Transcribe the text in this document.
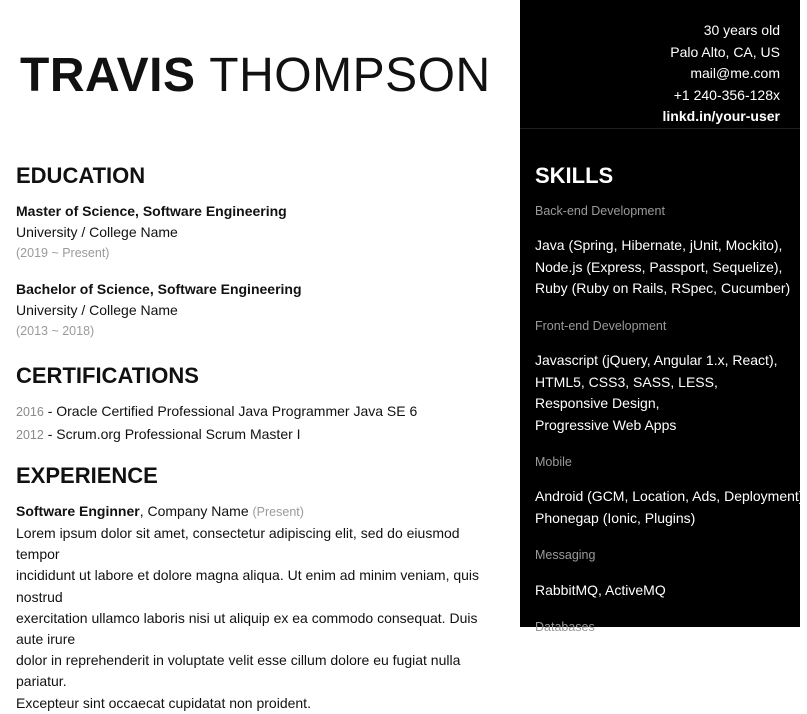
TRAVIS THOMPSON
EDUCATION
Master of Science, Software Engineering
University / College Name
(2019 ~ Present)
Bachelor of Science, Software Engineering
University / College Name
(2013 ~ 2018)
CERTIFICATIONS
2016 - Oracle Certified Professional Java Programmer Java SE 6
2012 - Scrum.org Professional Scrum Master I
EXPERIENCE
Software Enginner, Company Name (Present)
Lorem ipsum dolor sit amet, consectetur adipiscing elit, sed do eiusmod tempor
incididunt ut labore et dolore magna aliqua. Ut enim ad minim veniam, quis nostrud
exercitation ullamco laboris nisi ut aliquip ex ea commodo consequat. Duis aute irure
dolor in reprehenderit in voluptate velit esse cillum dolore eu fugiat nulla pariatur.
Excepteur sint occaecat cupidatat non proident.
30 years old
Palo Alto, CA, US
mail@me.com
+1 240-356-128x
linkd.in/your-user
SKILLS
Back-end Development
Java (Spring, Hibernate, jUnit, Mockito),
Node.js (Express, Passport, Sequelize),
Ruby (Ruby on Rails, RSpec, Cucumber)
Front-end Development
Javascript (jQuery, Angular 1.x, React),
HTML5, CSS3, SASS, LESS,
Responsive Design,
Progressive Web Apps
Mobile
Android (GCM, Location, Ads, Deployment),
Phonegap (Ionic, Plugins)
Messaging
RabbitMQ, ActiveMQ
Databases
